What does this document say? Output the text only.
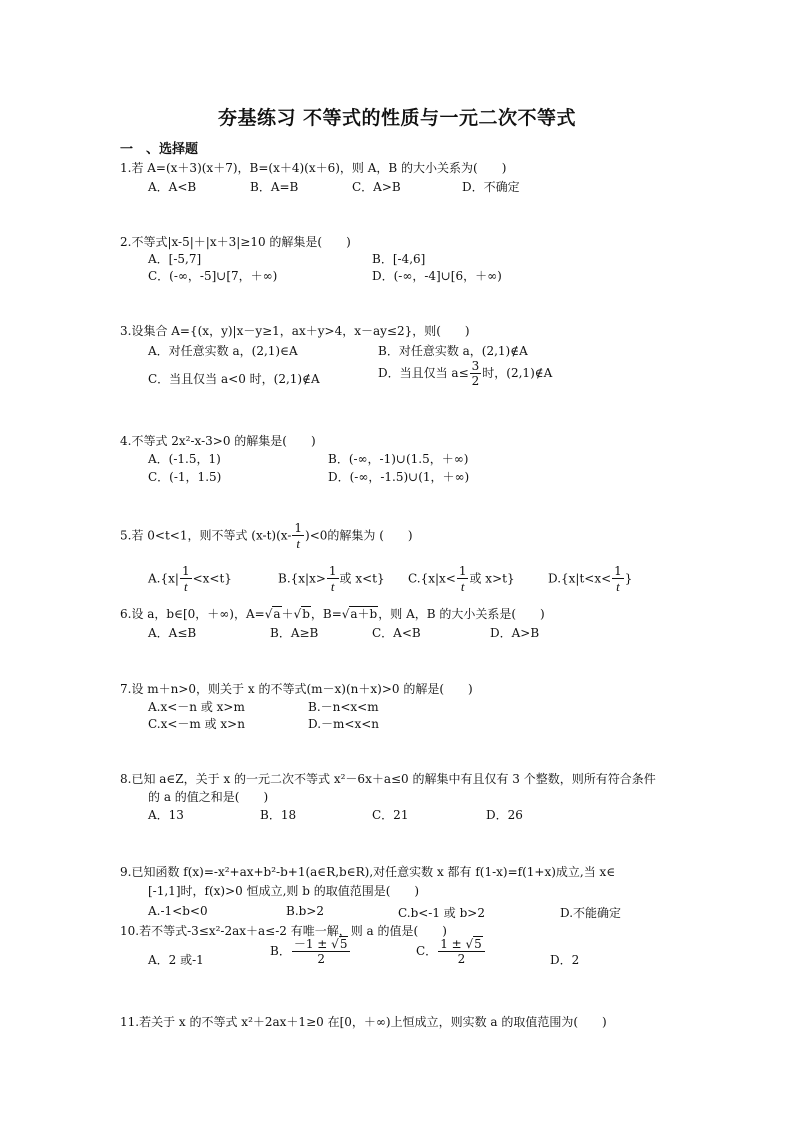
夯基练习 不等式的性质与一元二次不等式
一　、选择题
1.若 A=(x＋3)(x＋7)，B=(x＋4)(x＋6)，则 A，B 的大小关系为(　　)
A．A<B	B．A=B	C．A>B	D．不确定
2.不等式|x-5|＋|x＋3|≥10 的解集是(　　)
A．[-5,7]	B．[-4,6]
C．(-∞，-5]∪[7，＋∞)	D．(-∞，-4]∪[6，＋∞)
3.设集合 A={(x，y)|x－y≥1，ax＋y>4，x－ay≤2}，则(　　)
A．对任意实数 a，(2,1)∈A	B．对任意实数 a，(2,1)∉A
C．当且仅当 a<0 时，(2,1)∉A	D．当且仅当 $a\le \frac{3}{2}$ 时，(2,1)∉A
4.不等式 2x²-x-3>0 的解集是(　　)
A．(-1.5，1)	B．(-∞，-1)∪(1.5，＋∞)
C．(-1，1.5)	D．(-∞，-1.5)∪(1，＋∞)
5.若 0<t<1，则不等式 $(x-t)(x- \frac{1}{t} )<0$的解集为 (　　)
$A.\{x| \frac{1}{t} <x<t\}$	$B.\{x|x> \frac{1}{t}$ 或 x<t} $C.\{x|x< \frac{1}{t}$ 或 x>t}	$D.\{x|t<x< \frac{1}{t}$ }
6.设 a，b∈[0，＋∞)，A=√a＋√b，B=√a＋b，则 A，B 的大小关系是(　　)
A．A≤B	B．A≥B	C．A<B	D．A>B
7.设 m＋n>0，则关于 x 的不等式(m－x)(n＋x)>0 的解是(　　)
A.x<－n 或 x>m	B.－n<x<m
C.x<－m 或 x>n	D.－m<x<n
8.已知 a∈Z，关于 x 的一元二次不等式 x²－6x＋a≤0 的解集中有且仅有 3 个整数，则所有符合条件
的 a 的值之和是(　　)
A．13	B．18	C．21	D．26
9.已知函数 f(x)=-x²+ax+b²-b+1(a∈R,b∈R),对任意实数 x 都有 f(1-x)=f(1+x)成立,当 x∈
[-1,1]时，f(x)>0 恒成立,则 b 的取值范围是(　　)
A.-1<b<0	B.b>2	C.b<-1 或 b>2	D.不能确定
10.若不等式-3≤x²-2ax＋a≤-2 有唯一解，则 a 的值是(　　)
A．2 或-1
B． $\frac{-1 \pm √5}{2}$	C． $\frac{1 \pm √5}{2}$	D．2
11.若关于 x 的不等式 x²＋2ax＋1≥0 在[0，＋∞)上恒成立，则实数 a 的取值范围为(　　)
